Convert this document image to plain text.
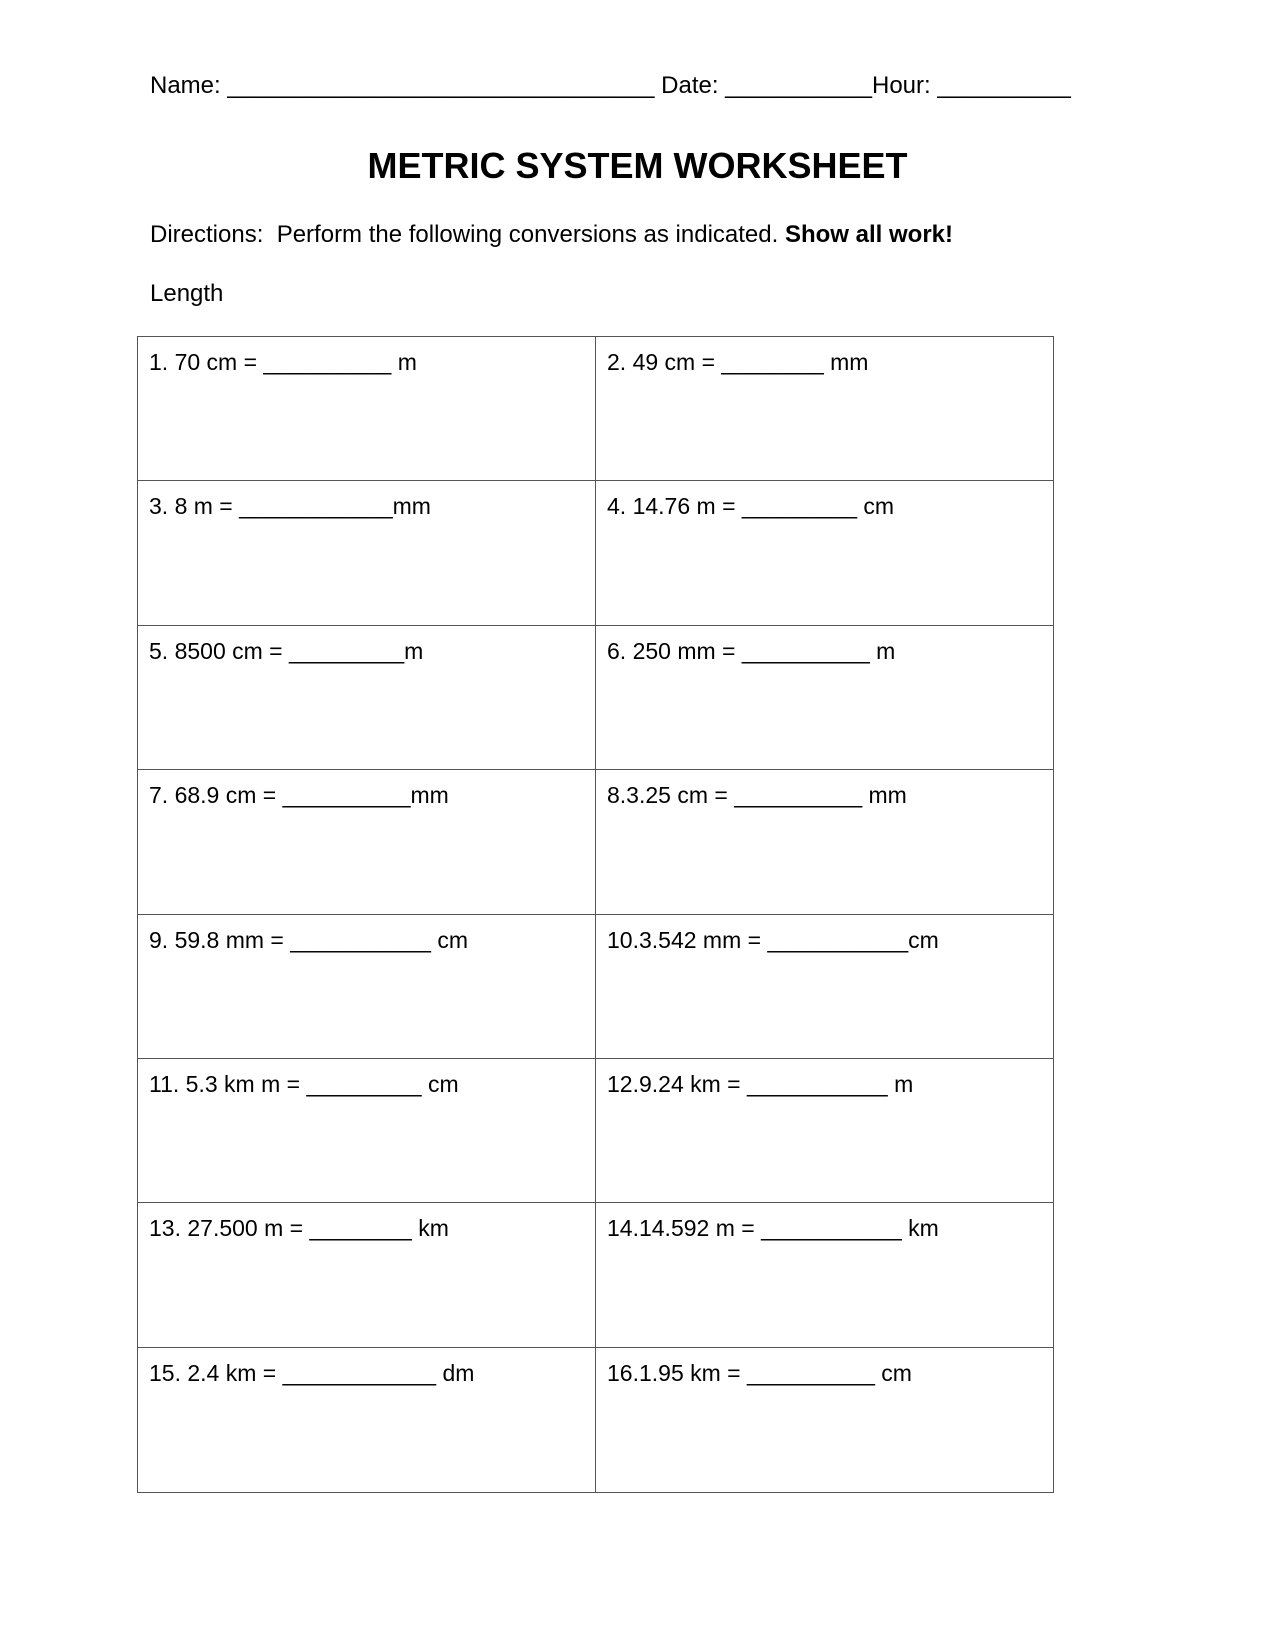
Name: ________________________________ Date: ___________Hour: __________
METRIC SYSTEM WORKSHEET
Directions:  Perform the following conversions as indicated. Show all work!
Length
1. 70 cm = __________ m	2. 49 cm = ________ mm
3. 8 m = ____________mm	4. 14.76 m = _________ cm
5. 8500 cm = _________m	6. 250 mm = __________ m
7. 68.9 cm = __________mm	8.3.25 cm = __________ mm
9. 59.8 mm = ___________ cm	10.3.542 mm = ___________cm
11. 5.3 km m = _________ cm	12.9.24 km = ___________ m
13. 27.500 m = ________ km	14.14.592 m = ___________ km
15. 2.4 km = ____________ dm	16.1.95 km = __________ cm
